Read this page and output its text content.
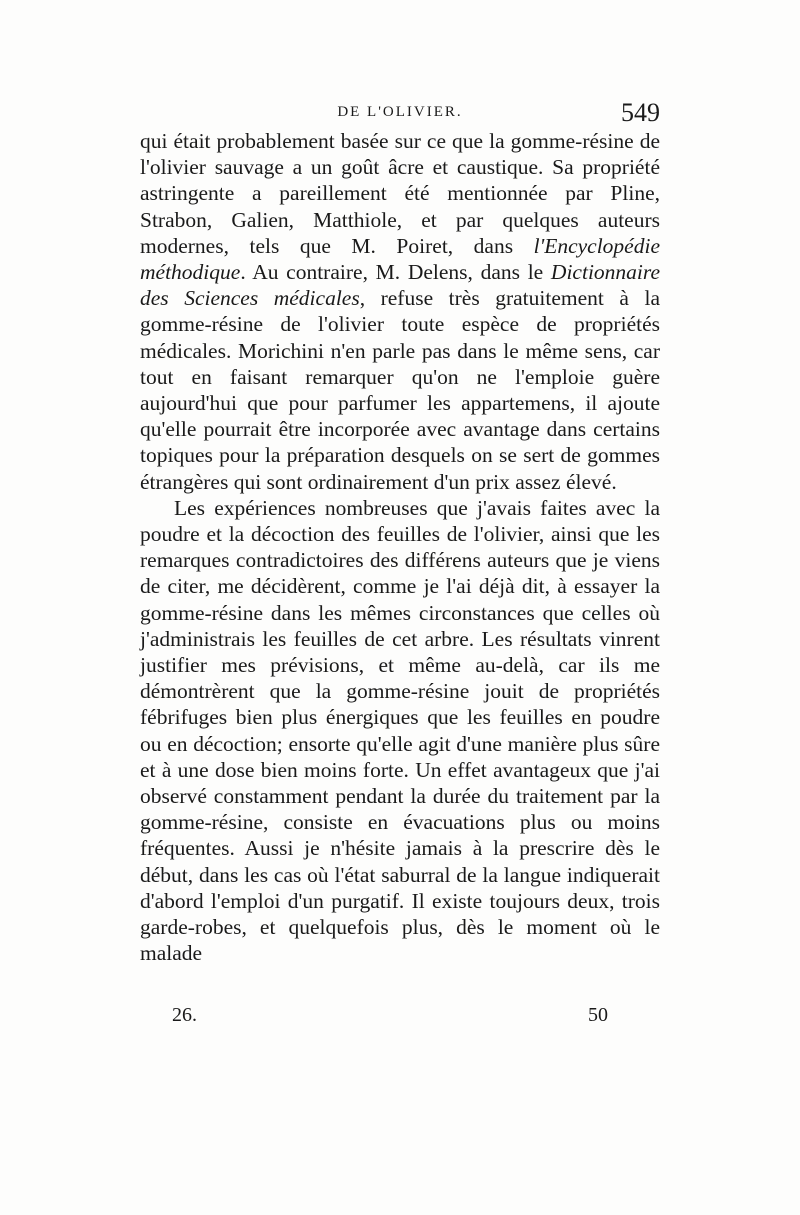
DE L'OLIVIER.	549

qui était probablement basée sur ce que la gomme-résine de l'olivier sauvage a un goût âcre et caustique. Sa propriété astringente a pareillement été mentionnée par Pline, Strabon, Galien, Matthiole, et par quelques auteurs modernes, tels que M. Poiret, dans l'Encyclopédie méthodique. Au contraire, M. Delens, dans le Dictionnaire des Sciences médicales, refuse très gratuitement à la gomme-résine de l'olivier toute espèce de propriétés médicales. Morichini n'en parle pas dans le même sens, car tout en faisant remarquer qu'on ne l'emploie guère aujourd'hui que pour parfumer les appartemens, il ajoute qu'elle pourrait être incorporée avec avantage dans certains topiques pour la préparation desquels on se sert de gommes étrangères qui sont ordinairement d'un prix assez élevé.

Les expériences nombreuses que j'avais faites avec la poudre et la décoction des feuilles de l'olivier, ainsi que les remarques contradictoires des différens auteurs que je viens de citer, me décidèrent, comme je l'ai déjà dit, à essayer la gomme-résine dans les mêmes circonstances que celles où j'administrais les feuilles de cet arbre. Les résultats vinrent justifier mes prévisions, et même au-delà, car ils me démontrèrent que la gomme-résine jouit de propriétés fébrifuges bien plus énergiques que les feuilles en poudre ou en décoction; ensorte qu'elle agit d'une manière plus sûre et à une dose bien moins forte. Un effet avantageux que j'ai observé constamment pendant la durée du traitement par la gomme-résine, consiste en évacuations plus ou moins fréquentes. Aussi je n'hésite jamais à la prescrire dès le début, dans les cas où l'état saburral de la langue indiquerait d'abord l'emploi d'un purgatif. Il existe toujours deux, trois garde-robes, et quelquefois plus, dès le moment où le malade

26.	50
